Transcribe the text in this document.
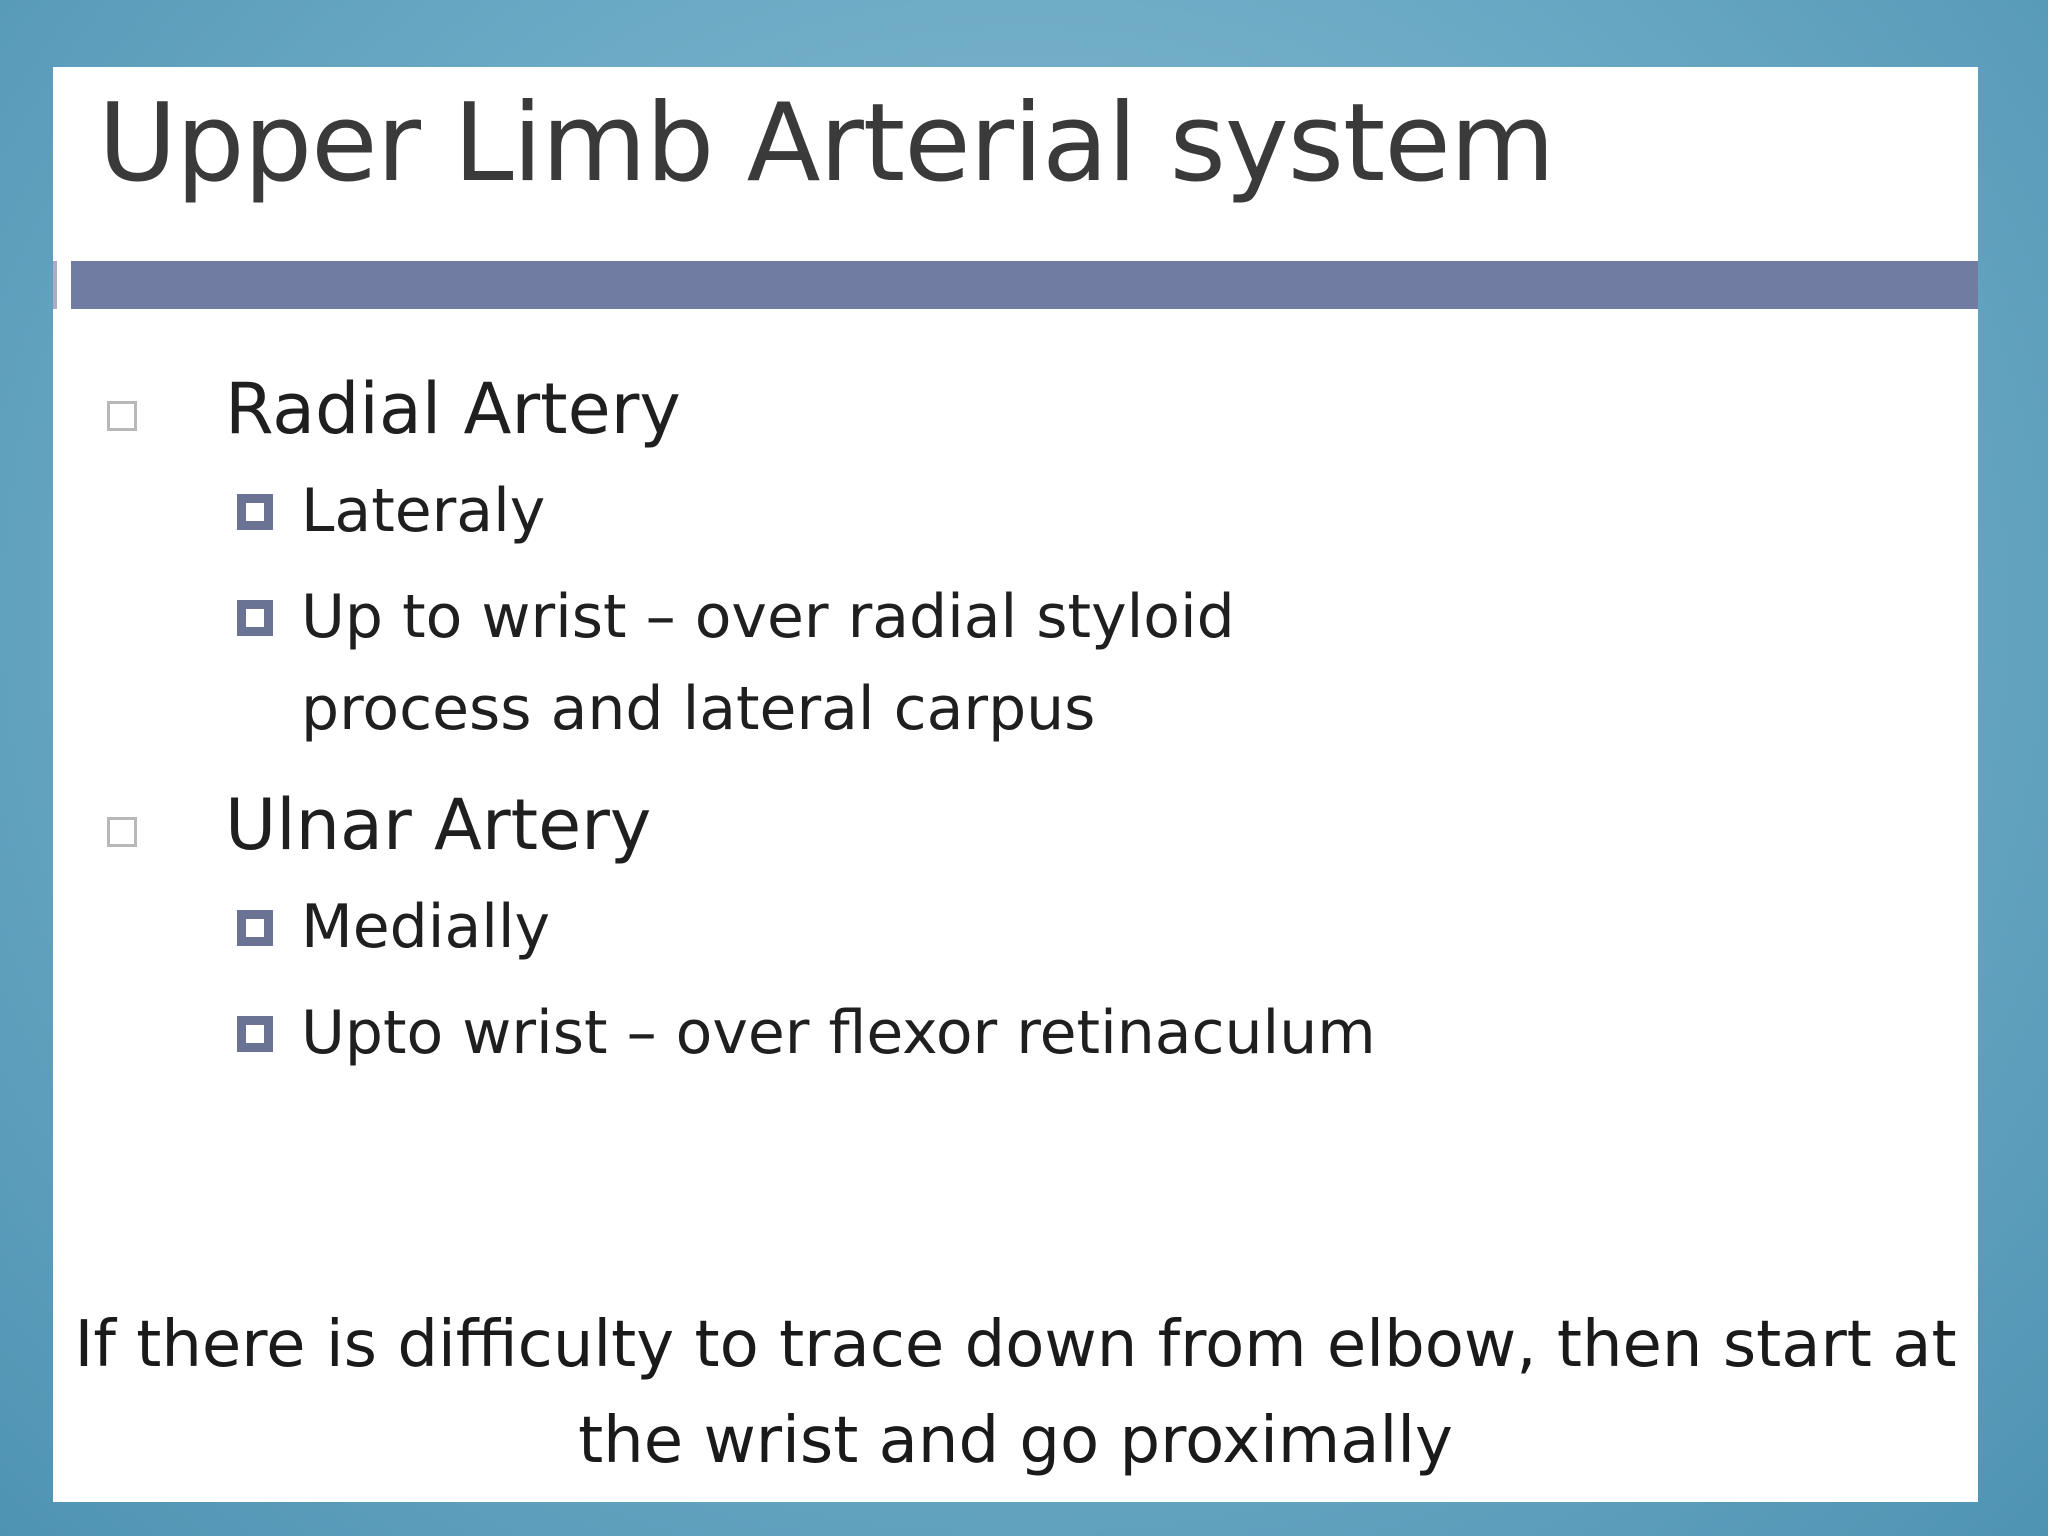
Upper Limb Arterial system
Radial Artery
Lateraly
Up to wrist – over radial styloid process and lateral carpus
Ulnar Artery
Medially
Upto wrist – over flexor retinaculum
If there is difficulty to trace down from elbow, then start at the wrist and go proximally
